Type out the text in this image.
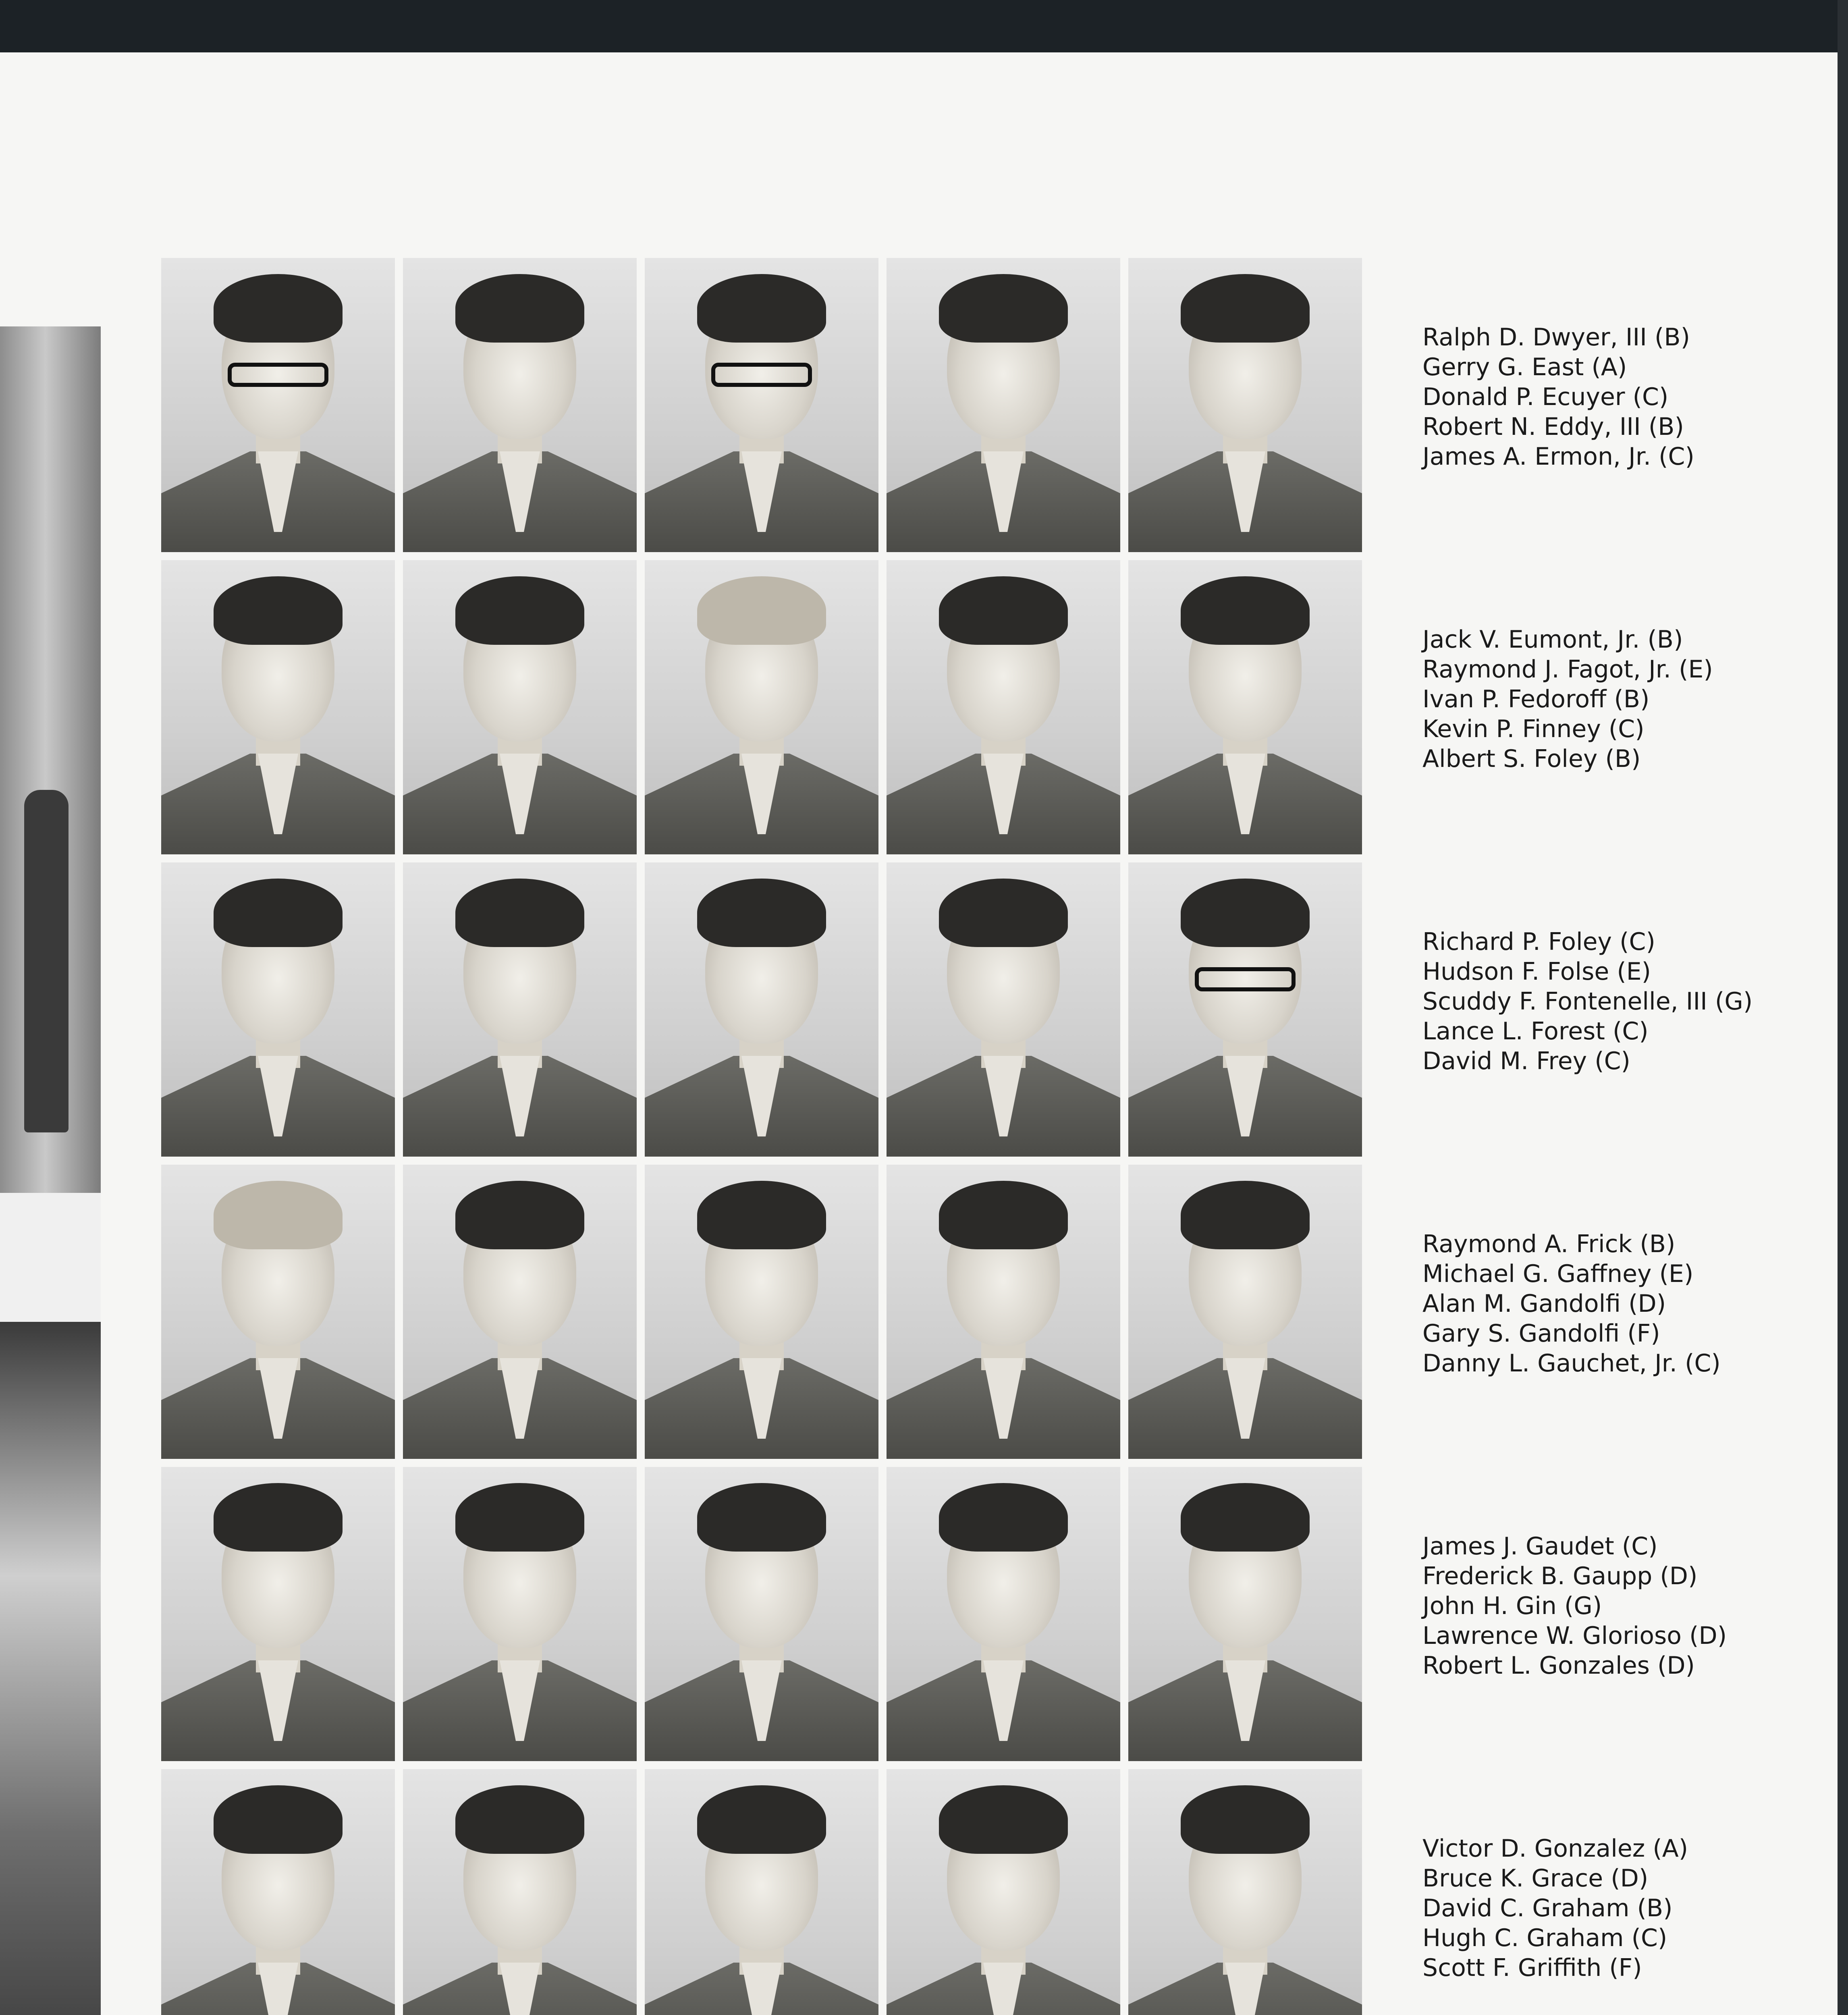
Ralph D. Dwyer, III (B)
Gerry G. East (A)
Donald P. Ecuyer (C)
Robert N. Eddy, III (B)
James A. Ermon, Jr. (C)
Jack V. Eumont, Jr. (B)
Raymond J. Fagot, Jr. (E)
Ivan P. Fedoroff (B)
Kevin P. Finney (C)
Albert S. Foley (B)
Richard P. Foley (C)
Hudson F. Folse (E)
Scuddy F. Fontenelle, III (G)
Lance L. Forest (C)
David M. Frey (C)
Raymond A. Frick (B)
Michael G. Gaffney (E)
Alan M. Gandolfi (D)
Gary S. Gandolfi (F)
Danny L. Gauchet, Jr. (C)
James J. Gaudet (C)
Frederick B. Gaupp (D)
John H. Gin (G)
Lawrence W. Glorioso (D)
Robert L. Gonzales (D)
Victor D. Gonzalez (A)
Bruce K. Grace (D)
David C. Graham (B)
Hugh C. Graham (C)
Scott F. Griffith (F)
